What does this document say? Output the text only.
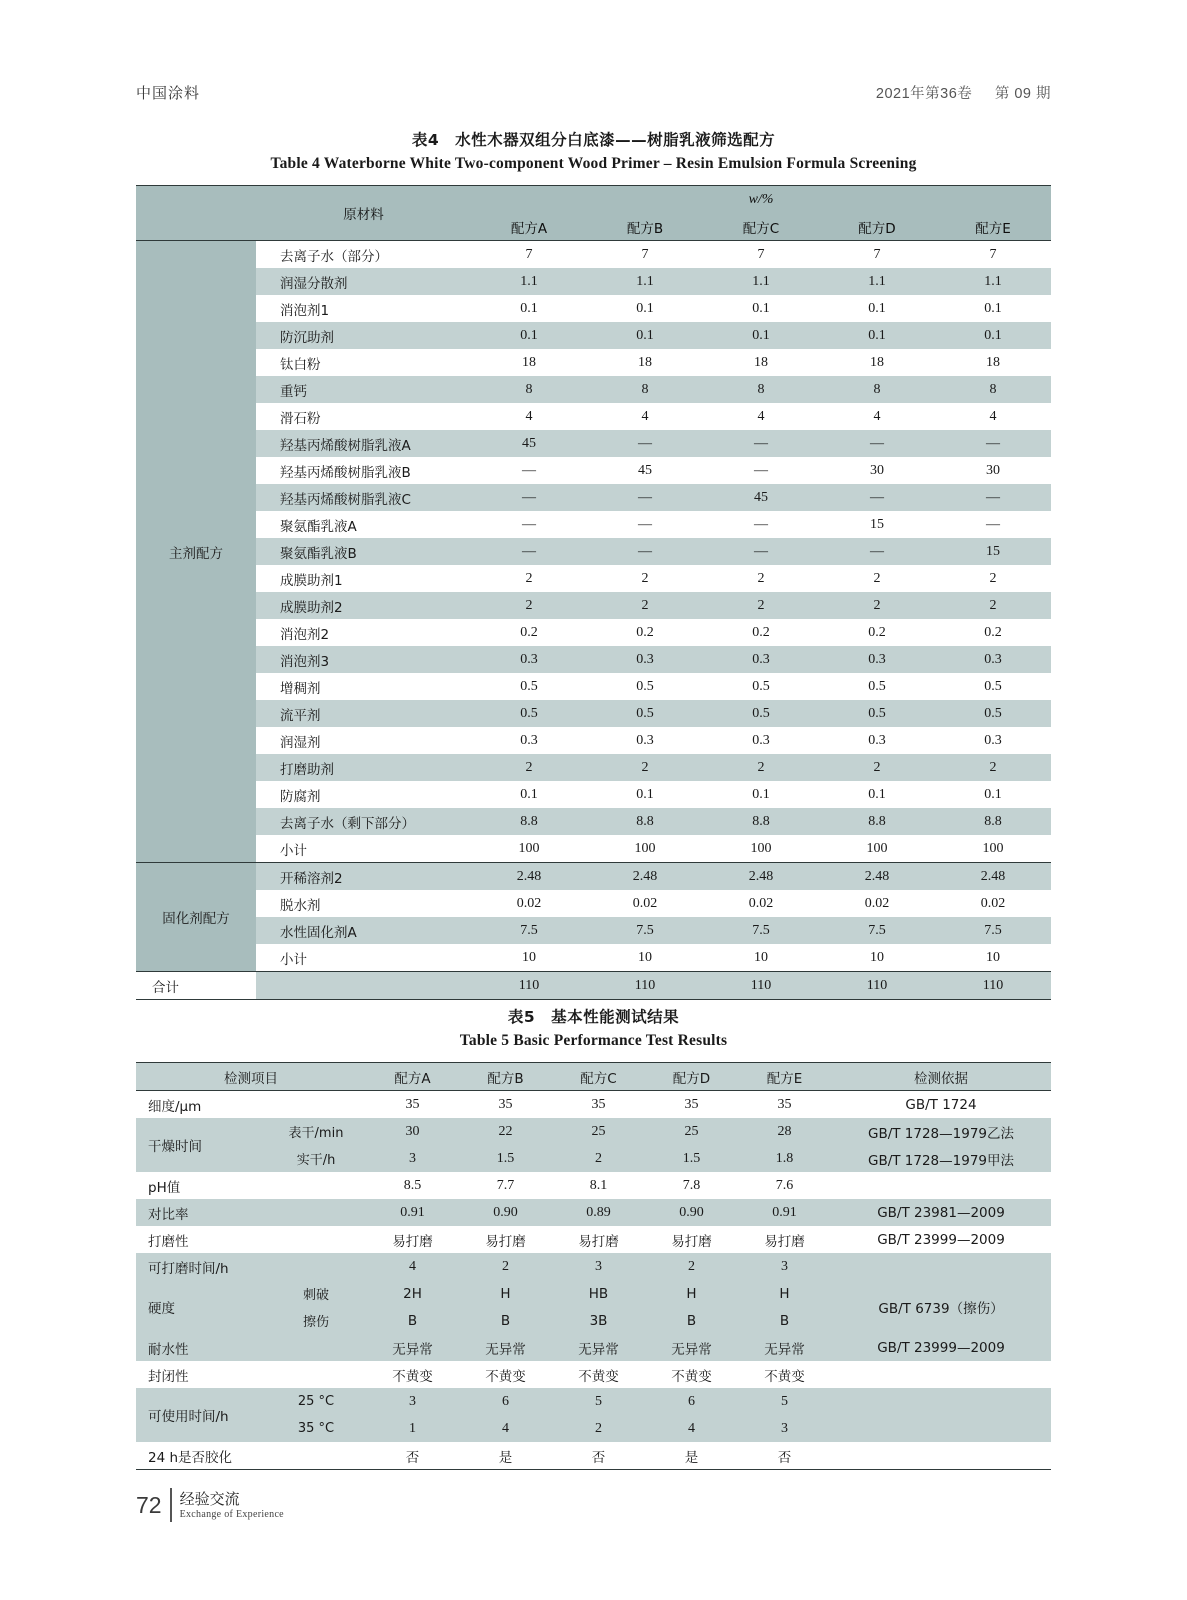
中国涂料	2021年第36卷 第 09 期
表4　水性木器双组分白底漆——树脂乳液筛选配方
Table 4 Waterborne White Two-component Wood Primer – Resin Emulsion Formula Screening
	原材料	w/%				
		配方A	配方B	配方C	配方D	配方E
主剂配方	去离子水（部分）	7	7	7	7	7
	润湿分散剂	1.1	1.1	1.1	1.1	1.1
	消泡剂1	0.1	0.1	0.1	0.1	0.1
	防沉助剂	0.1	0.1	0.1	0.1	0.1
	钛白粉	18	18	18	18	18
	重钙	8	8	8	8	8
	滑石粉	4	4	4	4	4
	羟基丙烯酸树脂乳液A	45	—	—	—	—
	羟基丙烯酸树脂乳液B	—	45	—	30	30
	羟基丙烯酸树脂乳液C	—	—	45	—	—
	聚氨酯乳液A	—	—	—	15	—
	聚氨酯乳液B	—	—	—	—	15
	成膜助剂1	2	2	2	2	2
	成膜助剂2	2	2	2	2	2
	消泡剂2	0.2	0.2	0.2	0.2	0.2
	消泡剂3	0.3	0.3	0.3	0.3	0.3
	增稠剂	0.5	0.5	0.5	0.5	0.5
	流平剂	0.5	0.5	0.5	0.5	0.5
	润湿剂	0.3	0.3	0.3	0.3	0.3
	打磨助剂	2	2	2	2	2
	防腐剂	0.1	0.1	0.1	0.1	0.1
	去离子水（剩下部分）	8.8	8.8	8.8	8.8	8.8
	小计	100	100	100	100	100
固化剂配方	开稀溶剂2	2.48	2.48	2.48	2.48	2.48
	脱水剂	0.02	0.02	0.02	0.02	0.02
	水性固化剂A	7.5	7.5	7.5	7.5	7.5
	小计	10	10	10	10	10
合计		110	110	110	110	110
表5　基本性能测试结果
Table 5 Basic Performance Test Results
检测项目		配方A	配方B	配方C	配方D	配方E	检测依据
细度/μm		35	35	35	35	35	GB/T 1724
干燥时间	表干/min	30	22	25	25	28	GB/T 1728—1979乙法
	实干/h	3	1.5	2	1.5	1.8	GB/T 1728—1979甲法
pH值		8.5	7.7	8.1	7.8	7.6	
对比率		0.91	0.90	0.89	0.90	0.91	GB/T 23981—2009
打磨性		易打磨	易打磨	易打磨	易打磨	易打磨	GB/T 23999—2009
可打磨时间/h		4	2	3	2	3	
硬度	刺破	2H	H	HB	H	H	GB/T 6739（擦伤）
	擦伤	B	B	3B	B	B	
耐水性		无异常	无异常	无异常	无异常	无异常	GB/T 23999—2009
封闭性		不黄变	不黄变	不黄变	不黄变	不黄变	
可使用时间/h	25 °C	3	6	5	6	5	
	35 °C	1	4	2	4	3	
24 h是否胶化		否	是	否	是	否	
72 经验交流
Exchange of Experience
